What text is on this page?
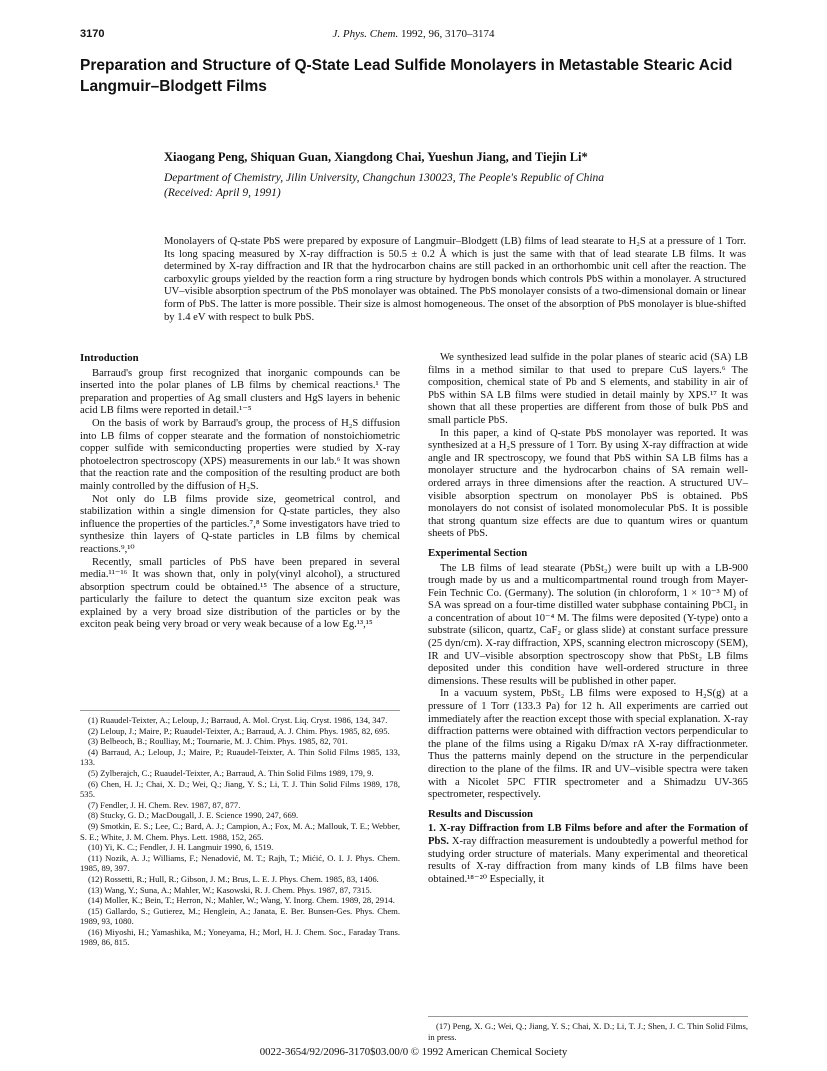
3170	J. Phys. Chem. 1992, 96, 3170–3174
Preparation and Structure of Q-State Lead Sulfide Monolayers in Metastable Stearic Acid Langmuir–Blodgett Films
Xiaogang Peng, Shiquan Guan, Xiangdong Chai, Yueshun Jiang, and Tiejin Li*
Department of Chemistry, Jilin University, Changchun 130023, The People's Republic of China
(Received: April 9, 1991)
Monolayers of Q-state PbS were prepared by exposure of Langmuir–Blodgett (LB) films of lead stearate to H₂S at a pressure of 1 Torr. Its long spacing measured by X-ray diffraction is 50.5 ± 0.2 Å which is just the same with that of lead stearate LB films. It was determined by X-ray diffraction and IR that the hydrocarbon chains are still packed in an orthorhombic unit cell after the reaction. The carboxylic groups yielded by the reaction form a ring structure by hydrogen bonds which controls PbS within a monolayer. A structured UV–visible absorption spectrum of the PbS monolayer was obtained. The PbS monolayer consists of a two-dimensional domain or linear form of PbS. The latter is more possible. Their size is almost homogeneous. The onset of the absorption of PbS monolayer is blue-shifted by 1.4 eV with respect to bulk PbS.
Introduction

Barraud's group first recognized that inorganic compounds can be inserted into the polar planes of LB films by chemical reactions.¹ The preparation and properties of Ag small clusters and HgS layers in behenic acid LB films were reported in detail.¹⁻⁵

On the basis of work by Barraud's group, the process of H₂S diffusion into LB films of copper stearate and the formation of nonstoichiometric copper sulfide with semiconducting properties were studied by X-ray photoelectron spectroscopy (XPS) measurements in our lab.⁶ It was shown that the reaction rate and the composition of the resulting product are both mainly controlled by the diffusion of H₂S.

Not only do LB films provide size, geometrical control, and stabilization within a single dimension for Q-state particles, they also influence the properties of the particles.⁷,⁸ Some investigators have tried to synthesize thin layers of Q-state particles in LB films by chemical reactions.⁹,¹⁰

Recently, small particles of PbS have been prepared in several media.¹¹⁻¹⁶ It was shown that, only in poly(vinyl alcohol), a structured absorption spectrum could be obtained.¹⁵ The absence of a structure, particularly the failure to detect the quantum size exciton peak was explained by a very broad size distribution of the particles or by the exciton peak being very broad or very weak because of a low Eg.¹³,¹⁵

(1) Ruaudel-Teixter, A.; Leloup, J.; Barraud, A. Mol. Cryst. Liq. Cryst. 1986, 134, 347.
(2) Leloup, J.; Maire, P.; Ruaudel-Teixter, A.; Barraud, A. J. Chim. Phys. 1985, 82, 695.
(3) Belbeoch, B.; Roulliay, M.; Tournarie, M. J. Chim. Phys. 1985, 82, 701.
(4) Barraud, A.; Leloup, J.; Maire, P.; Ruaudel-Teixter, A. Thin Solid Films 1985, 133, 133.
(5) Zylberajch, C.; Ruaudel-Teixter, A.; Barraud, A. Thin Solid Films 1989, 179, 9.
(6) Chen, H. J.; Chai, X. D.; Wei, Q.; Jiang, Y. S.; Li, T. J. Thin Solid Films 1989, 178, 535.
(7) Fendler, J. H. Chem. Rev. 1987, 87, 877.
(8) Stucky, G. D.; MacDougall, J. E. Science 1990, 247, 669.
(9) Smotkin, E. S.; Lee, C.; Bard, A. J.; Campion, A.; Fox, M. A.; Mallouk, T. E.; Webber, S. E.; White, J. M. Chem. Phys. Lett. 1988, 152, 265.
(10) Yi, K. C.; Fendler, J. H. Langmuir 1990, 6, 1519.
(11) Nozik, A. J.; Williams, F.; Nenadović, M. T.; Rajh, T.; Mićić, O. I. J. Phys. Chem. 1985, 89, 397.
(12) Rossetti, R.; Hull, R.; Gibson, J. M.; Brus, L. E. J. Phys. Chem. 1985, 83, 1406.
(13) Wang, Y.; Suna, A.; Mahler, W.; Kasowski, R. J. Chem. Phys. 1987, 87, 7315.
(14) Moller, K.; Bein, T.; Herron, N.; Mahler, W.; Wang, Y. Inorg. Chem. 1989, 28, 2914.
(15) Gallardo, S.; Gutierez, M.; Henglein, A.; Janata, E. Ber. Bunsen-Ges. Phys. Chem. 1989, 93, 1080.
(16) Miyoshi, H.; Yamashika, M.; Yoneyama, H.; Morl, H. J. Chem. Soc., Faraday Trans. 1989, 86, 815.

We synthesized lead sulfide in the polar planes of stearic acid (SA) LB films in a method similar to that used to prepare CuS layers.⁶ The composition, chemical state of Pb and S elements, and stability in air of PbS within SA LB films were studied in detail mainly by XPS.¹⁷ It was shown that all these properties are different from those of bulk PbS and small particle PbS.

In this paper, a kind of Q-state PbS monolayer was reported. It was synthesized at a H₂S pressure of 1 Torr. By using X-ray diffraction at wide angle and IR spectroscopy, we found that PbS within SA LB films has a monolayer structure and the hydrocarbon chains of SA remain well-ordered arrays in three dimensions after the reaction. A structured UV–visible absorption spectrum on monolayer PbS is obtained. PbS monolayers do not consist of isolated monomolecular PbS. It is possible that strong quantum size effects are due to quantum wires or quantum sheets of PbS.

Experimental Section

The LB films of lead stearate (PbSt₂) were built up with a LB-900 trough made by us and a multicompartmental round trough from Mayer-Fein Technic Co. (Germany). The solution (in chloroform, 1 × 10⁻³ M) of SA was spread on a four-time distilled water subphase containing PbCl₂ in a concentration of about 10⁻⁴ M. The films were deposited (Y-type) onto a substrate (silicon, quartz, CaF₂ or glass slide) at constant surface pressure (25 dyn/cm). X-ray diffraction, XPS, scanning electron microscopy (SEM), IR and UV–visible absorption spectroscopy show that PbSt₂ LB films deposited under this condition have well-ordered structure in three dimensions. These results will be published in other paper.

In a vacuum system, PbSt₂ LB films were exposed to H₂S(g) at a pressure of 1 Torr (133.3 Pa) for 12 h. All experiments are carried out immediately after the reaction except those with special explanation. X-ray diffraction patterns were obtained with diffraction vectors perpendicular to the plane of the films using a Rigaku D/max rA X-ray diffractionmeter. Thus the patterns mainly depend on the structure in the perpendicular direction to the plane of the films. IR and UV–visible spectra were taken with a Nicolet 5PC FTIR spectrometer and a Shimadzu UV-365 spectrometer, respectively.

Results and Discussion

1. X-ray Diffraction from LB Films before and after the Formation of PbS. X-ray diffraction measurement is undoubtedly a powerful method for studying order structure of materials. Many experimental and theoretical results of X-ray diffraction from many kinds of LB films have been obtained.¹⁸⁻²⁰ Especially, it

(17) Peng, X. G.; Wei, Q.; Jiang, Y. S.; Chai, X. D.; Li, T. J.; Shen, J. C. Thin Solid Films, in press.
0022-3654/92/2096-3170$03.00/0 © 1992 American Chemical Society
